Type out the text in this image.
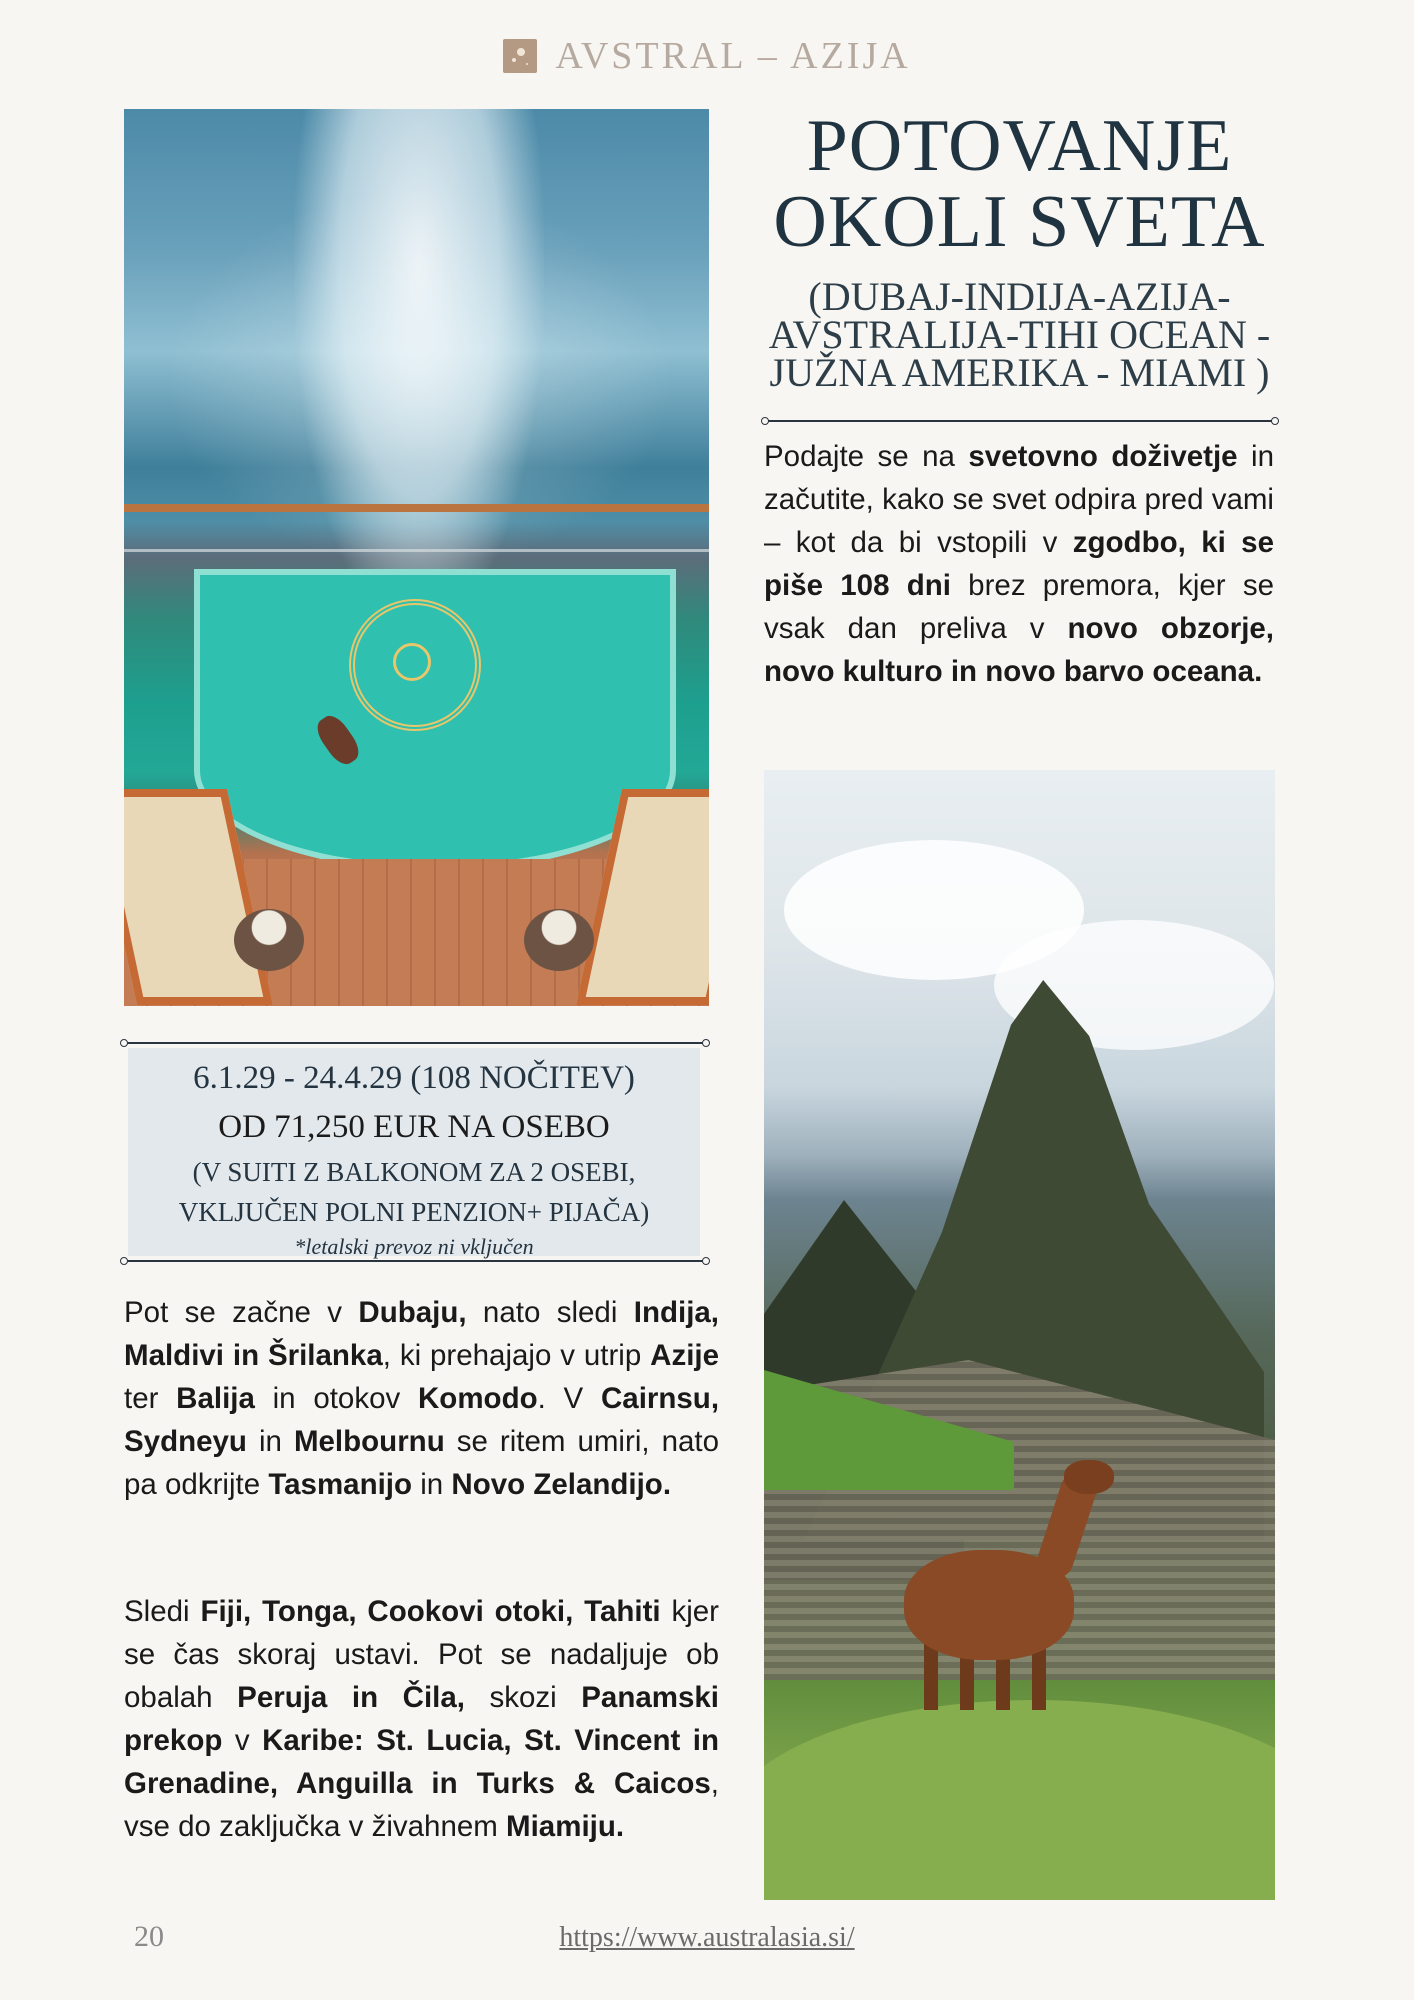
AVSTRAL – AZIJA
POTOVANJE
OKOLI SVETA
(DUBAJ-INDIJA-AZIJA-
AVSTRALIJA-TIHI OCEAN -
JUŽNA AMERIKA - MIAMI )
Podajte se na svetovno doživetje in začutite, kako se svet odpira pred vami – kot da bi vstopili v zgodbo, ki se piše 108 dni brez premora, kjer se vsak dan preliva v novo obzorje, novo kulturo in novo barvo oceana.
6.1.29 - 24.4.29 (108 NOČITEV)
OD 71,250 EUR NA OSEBO
(V SUITI Z BALKONOM ZA 2 OSEBI,
VKLJUČEN POLNI PENZION+ PIJAČA)
*letalski prevoz ni vključen
Pot se začne v Dubaju, nato sledi Indija, Maldivi in Šrilanka, ki prehajajo v utrip Azije ter Balija in otokov Komodo. V Cairnsu, Sydneyu in Melbournu se ritem umiri, nato pa odkrijte Tasmanijo in Novo Zelandijo.
Sledi Fiji, Tonga, Cookovi otoki, Tahiti kjer se čas skoraj ustavi. Pot se nadaljuje ob obalah Peruja in Čila, skozi Panamski prekop v Karibe: St. Lucia, St. Vincent in Grenadine, Anguilla in Turks & Caicos, vse do zaključka v živahnem Miamiju.
20	https://www.australasia.si/
